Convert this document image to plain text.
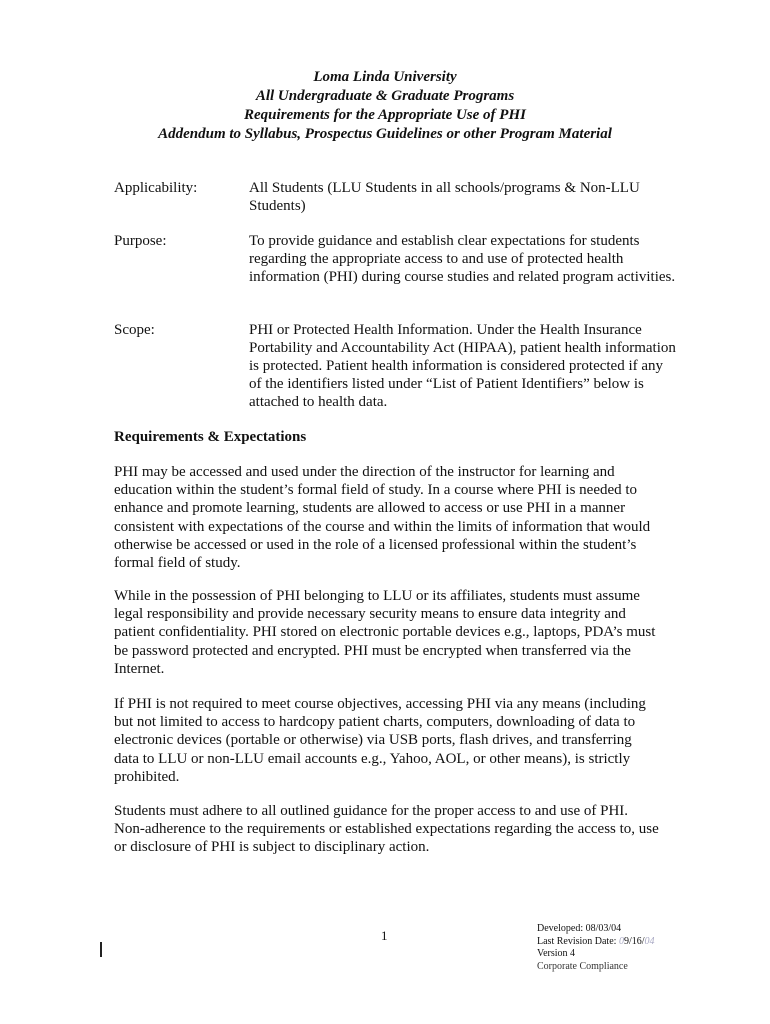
Loma Linda University
All Undergraduate & Graduate Programs
Requirements for the Appropriate Use of PHI
Addendum to Syllabus, Prospectus Guidelines or other Program Material
Applicability:	All Students (LLU Students in all schools/programs & Non-LLU Students)
Purpose:	To provide guidance and establish clear expectations for students regarding the appropriate access to and use of protected health information (PHI) during course studies and related program activities.
Scope:	PHI or Protected Health Information. Under the Health Insurance Portability and Accountability Act (HIPAA), patient health information is protected. Patient health information is considered protected if any of the identifiers listed under “List of Patient Identifiers” below is attached to health data.
Requirements & Expectations
PHI may be accessed and used under the direction of the instructor for learning and education within the student’s formal field of study. In a course where PHI is needed to enhance and promote learning, students are allowed to access or use PHI in a manner consistent with expectations of the course and within the limits of information that would otherwise be accessed or used in the role of a licensed professional within the student’s formal field of study.
While in the possession of PHI belonging to LLU or its affiliates, students must assume legal responsibility and provide necessary security means to ensure data integrity and patient confidentiality. PHI stored on electronic portable devices e.g., laptops, PDA’s must be password protected and encrypted. PHI must be encrypted when transferred via the Internet.
If PHI is not required to meet course objectives, accessing PHI via any means (including but not limited to access to hardcopy patient charts, computers, downloading of data to electronic devices (portable or otherwise) via USB ports, flash drives, and transferring data to LLU or non-LLU email accounts e.g., Yahoo, AOL, or other means), is strictly prohibited.
Students must adhere to all outlined guidance for the proper access to and use of PHI. Non-adherence to the requirements or established expectations regarding the access to, use or disclosure of PHI is subject to disciplinary action.
1	Developed: 08/03/04
Last Revision Date: 09/16/04
Version 4
Corporate Compliance
